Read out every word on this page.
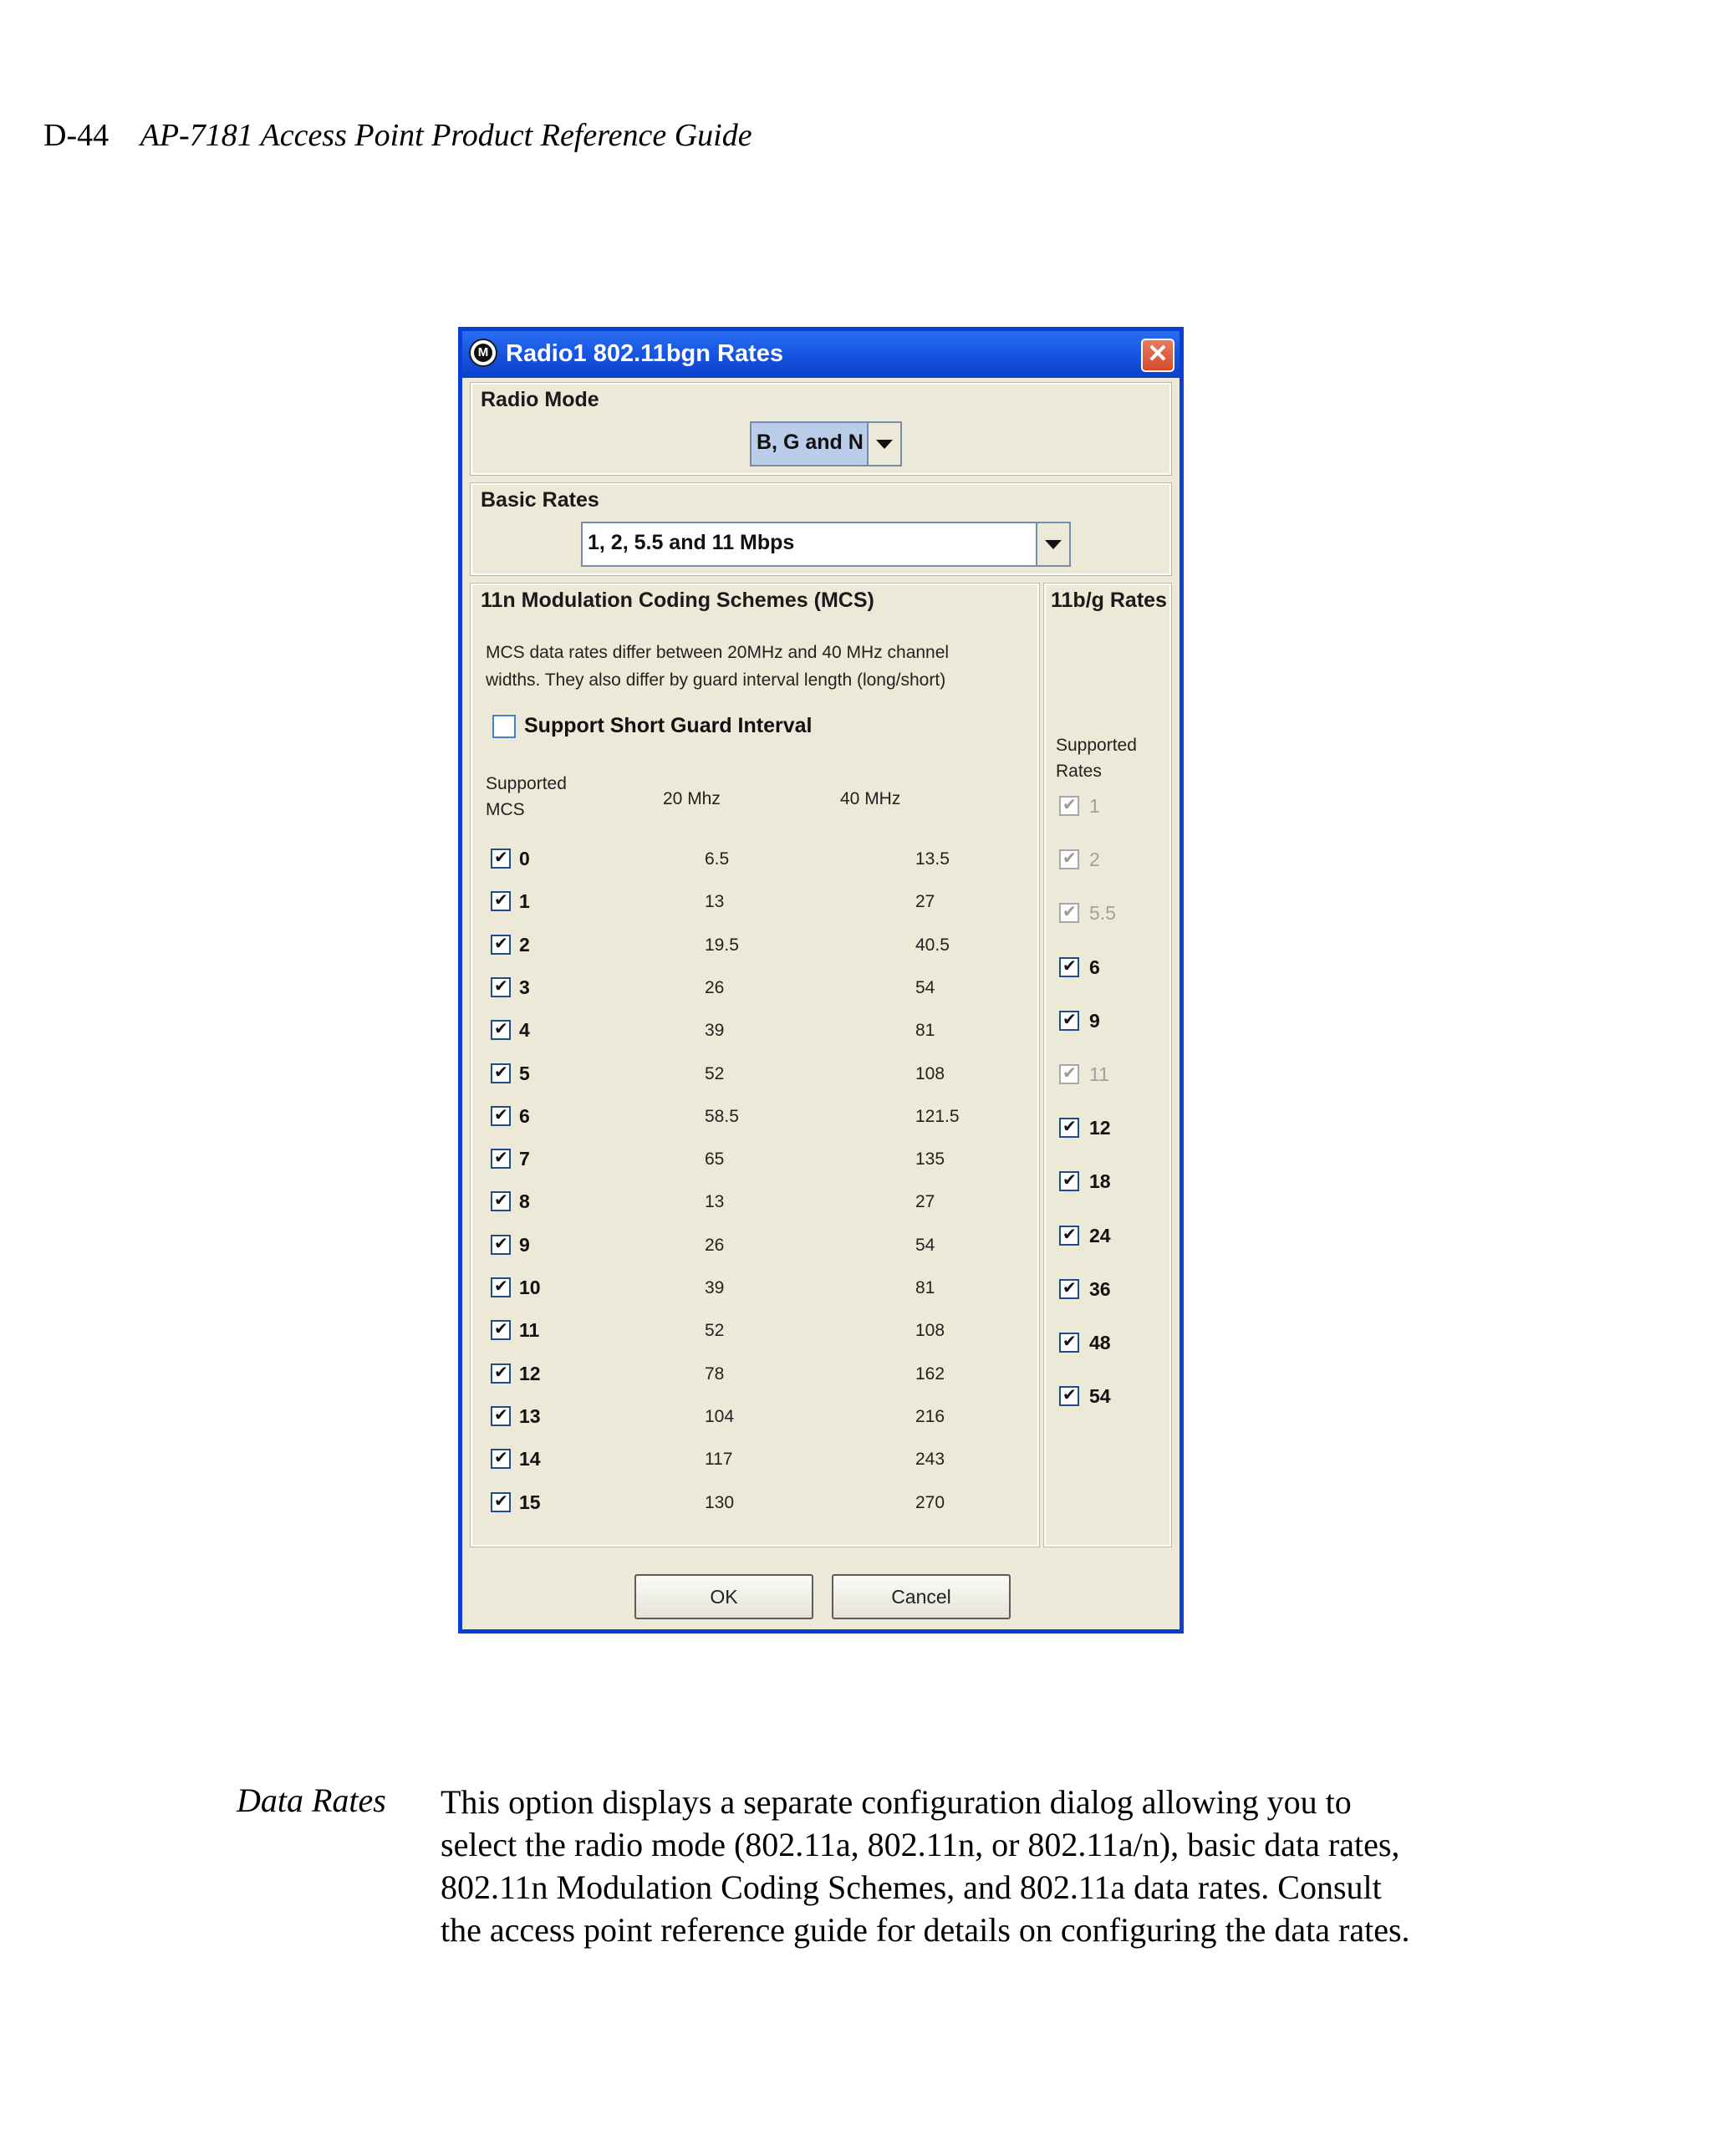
D-44 AP-7181 Access Point Product Reference Guide
M Radio1 802.11bgn Rates	✕
Radio Mode
B, G and N
Basic Rates
1, 2, 5.5 and 11 Mbps
11n Modulation Coding Schemes (MCS)
MCS data rates differ between 20MHz and 40 MHz channel
widths. They also differ by guard interval length (long/short)
Support Short Guard Interval
Supported
MCS
20 Mhz	40 MHz
✔
0	6.5	13.5
✔
1	13	27
✔
2	19.5	40.5
✔
3	26	54
✔
4	39	81
✔
5	52	108
✔
6	58.5	121.5
✔
7	65	135
✔
8	13	27
✔
9	26	54
✔
10	39	81
✔
11	52	108
✔
12	78	162
✔
13	104	216
✔
14	117	243
✔
15	130	270
11b/g Rates
Supported
Rates
✔
1
✔
2
✔
5.5
✔
6
✔
9
✔
11
✔
12
✔
18
✔
24
✔
36
✔
48
✔
54
OK	Cancel
Data Rates This option displays a separate configuration dialog allowing you to select the radio mode (802.11a, 802.11n, or 802.11a/n), basic data rates, 802.11n Modulation Coding Schemes, and 802.11a data rates. Consult the access point reference guide for details on configuring the data rates.
